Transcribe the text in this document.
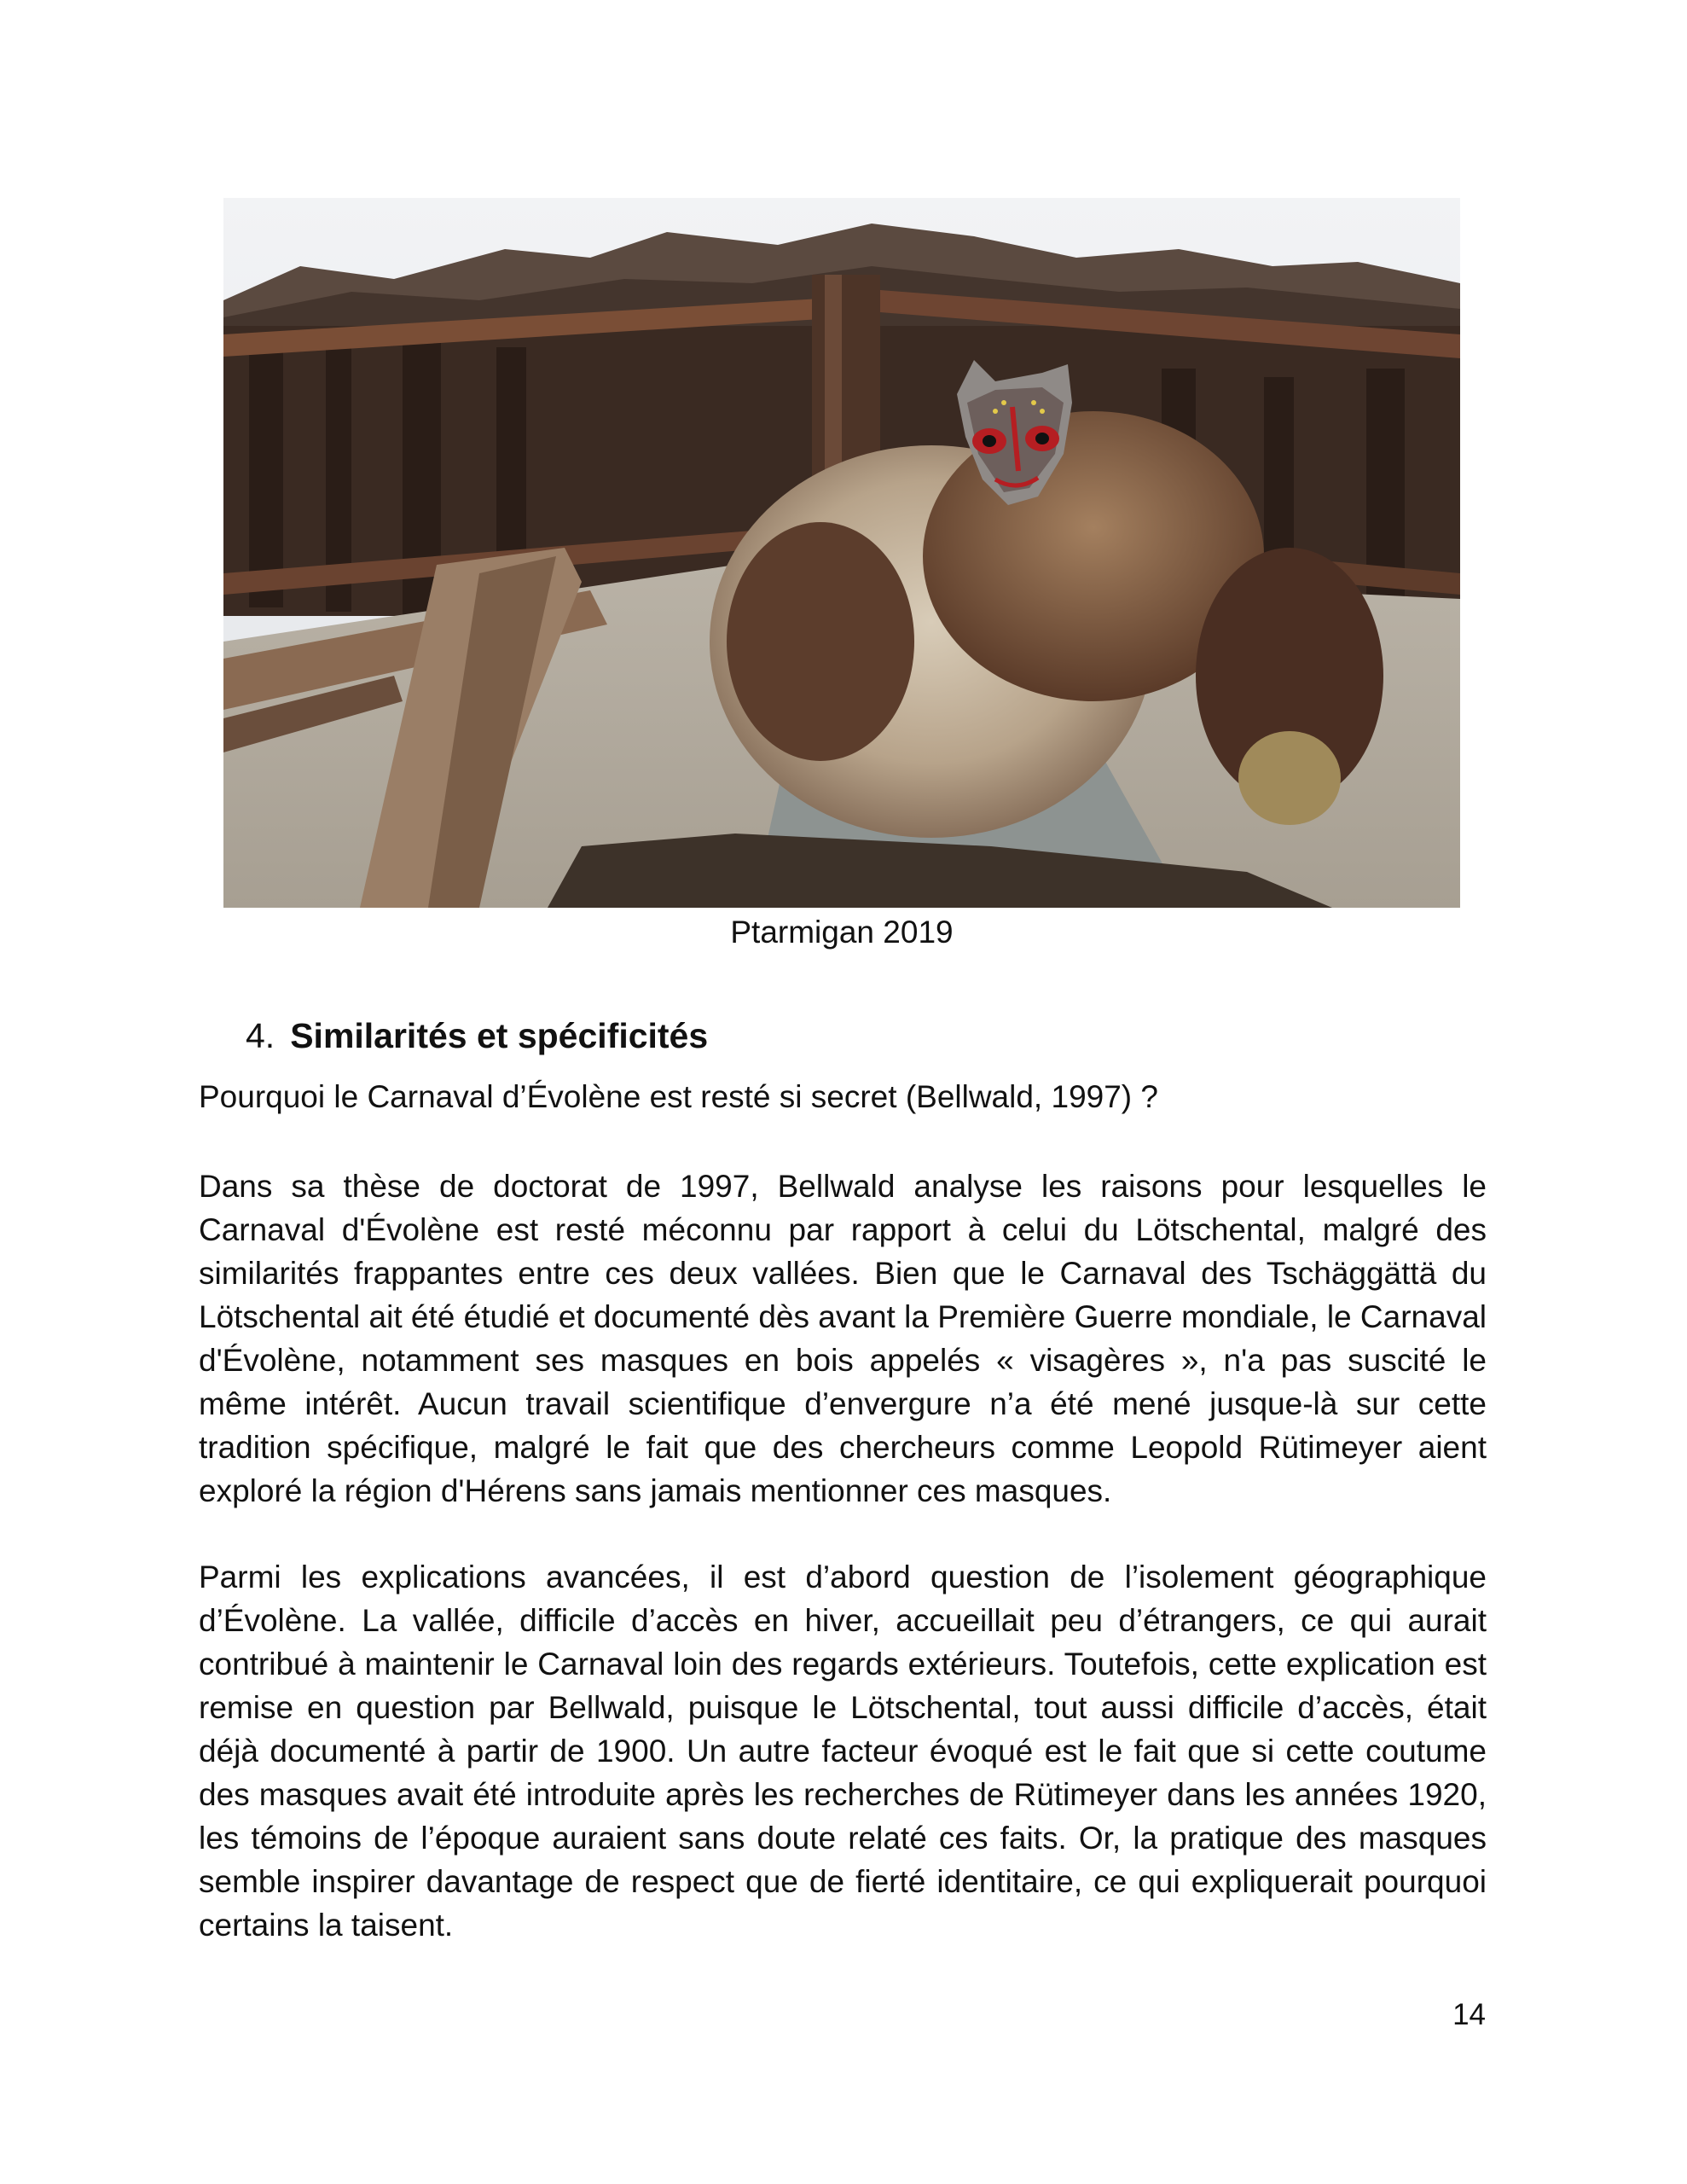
Ptarmigan 2019
4. Similarités et spécificités
Pourquoi le Carnaval d’Évolène est resté si secret (Bellwald, 1997) ?

Dans sa thèse de doctorat de 1997, Bellwald analyse les raisons pour lesquelles le Carnaval d'Évolène est resté méconnu par rapport à celui du Lötschental, malgré des similarités frappantes entre ces deux vallées. Bien que le Carnaval des Tschäggättä du Lötschental ait été étudié et documenté dès avant la Première Guerre mondiale, le Carnaval d'Évolène, notamment ses masques en bois appelés « visagères », n'a pas suscité le même intérêt. Aucun travail scientifique d’envergure n’a été mené jusque-là sur cette tradition spécifique, malgré le fait que des chercheurs comme Leopold Rütimeyer aient exploré la région d'Hérens sans jamais mentionner ces masques.

Parmi les explications avancées, il est d’abord question de l’isolement géographique d’Évolène. La vallée, difficile d’accès en hiver, accueillait peu d’étrangers, ce qui aurait contribué à maintenir le Carnaval loin des regards extérieurs. Toutefois, cette explication est remise en question par Bellwald, puisque le Lötschental, tout aussi difficile d’accès, était déjà documenté à partir de 1900. Un autre facteur évoqué est le fait que si cette coutume des masques avait été introduite après les recherches de Rütimeyer dans les années 1920, les témoins de l’époque auraient sans doute relaté ces faits. Or, la pratique des masques semble inspirer davantage de respect que de fierté identitaire, ce qui expliquerait pourquoi certains la taisent.

14
